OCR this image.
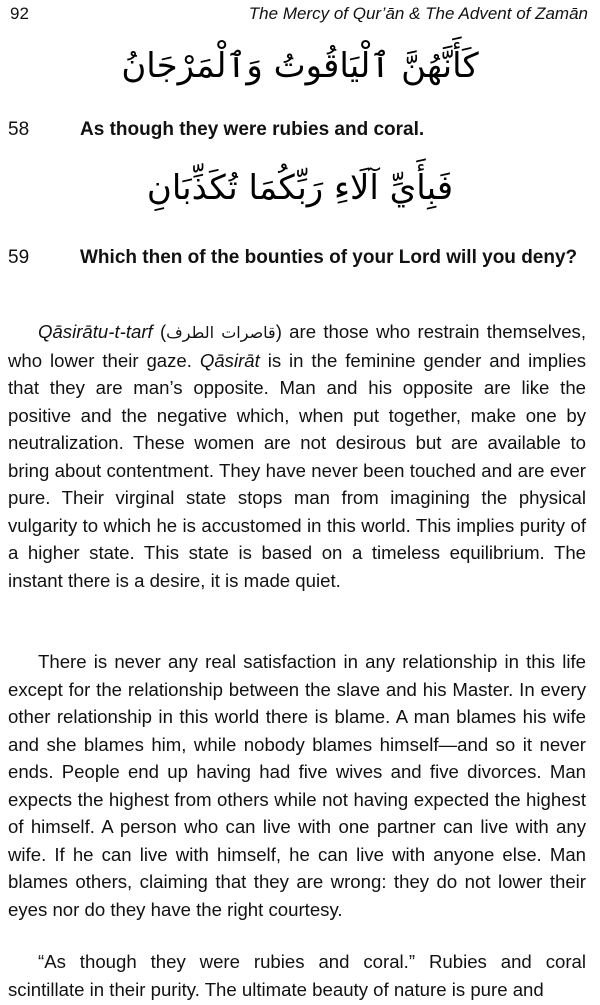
92	The Mercy of Qur’ān & The Advent of Zamān
كَأَنَّهُنَّ ٱلْيَاقُوتُ وَٱلْمَرْجَانُ
58	As though they were rubies and coral.
فَبِأَيِّ آلَاءِ رَبِّكُمَا تُكَذِّبَانِ
59	Which then of the bounties of your Lord will you deny?

Qāsirātu-t-tarf (قاصرات الطرف) are those who restrain themselves, who lower their gaze. Qāsirāt is in the feminine gender and implies that they are man’s opposite. Man and his opposite are like the positive and the negative which, when put together, make one by neutralization. These women are not desirous but are available to bring about contentment. They have never been touched and are ever pure. Their virginal state stops man from imagining the physical vulgarity to which he is accustomed in this world. This implies purity of a higher state. This state is based on a timeless equilibrium. The instant there is a desire, it is made quiet.

There is never any real satisfaction in any relationship in this life except for the relationship between the slave and his Master. In every other relationship in this world there is blame. A man blames his wife and she blames him, while nobody blames himself—and so it never ends. People end up having had five wives and five divorces. Man expects the highest from others while not having expected the highest of himself. A person who can live with one partner can live with any wife. If he can live with himself, he can live with anyone else. Man blames others, claiming that they are wrong: they do not lower their eyes nor do they have the right courtesy.

“As though they were rubies and coral.” Rubies and coral scintillate in their purity. The ultimate beauty of nature is pure and
